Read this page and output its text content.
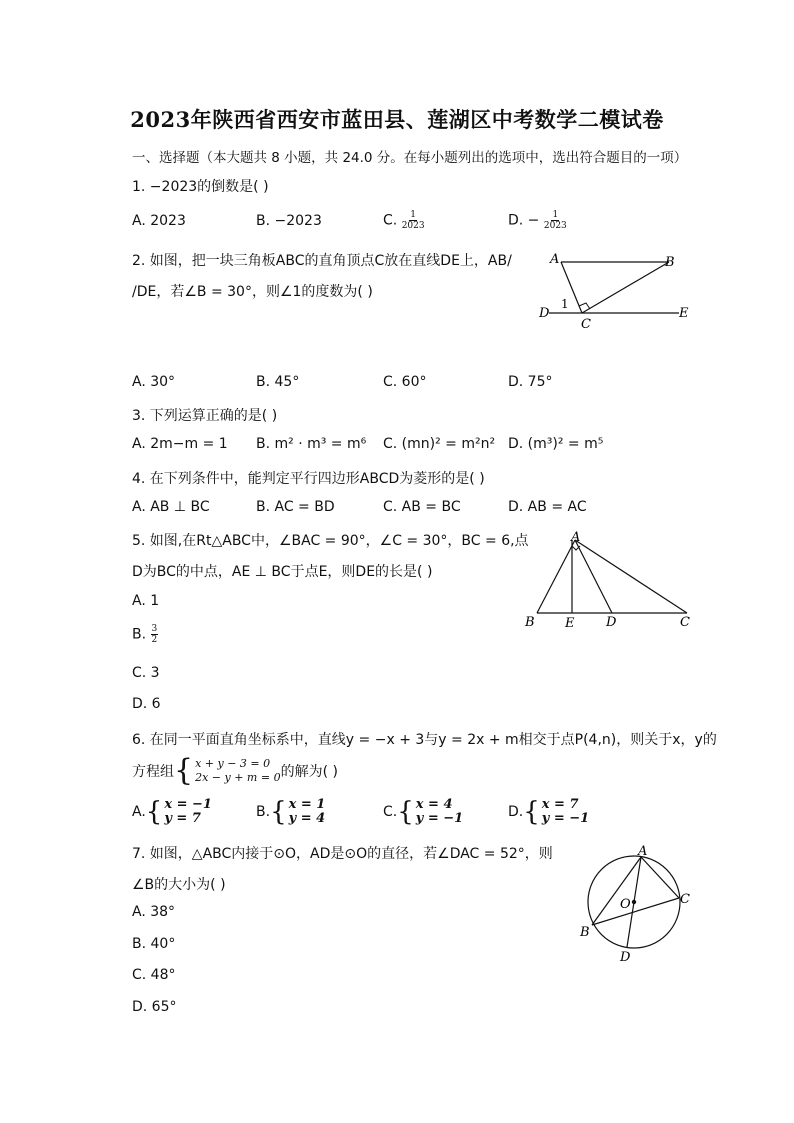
2023年陕西省西安市蓝田县、莲湖区中考数学二模试卷
一、选择题（本大题共 8 小题，共 24.0 分。在每小题列出的选项中，选出符合题目的一项）
1. −2023的倒数是( )
A. 2023	B. −2023	C. $\frac{1}{2023}$	D. − $\frac{1}{2023}$
2. 如图，把一块三角板ABC的直角顶点C放在直线DE上，AB/
/DE，若∠B = 30°，则∠1的度数为( )
A	B
C
D	E
1
A. 30°	B. 45°	C. 60°	D. 75°
3. 下列运算正确的是( )
A. 2m−m = 1 B. m² · m³ = m⁶ C. (mn)² = m²n² D. (m³)² = m⁵
4. 在下列条件中，能判定平行四边形ABCD为菱形的是( )
A. AB ⊥ BC	B. AC = BD	C. AB = BC	D. AB = AC
5. 如图,在Rt△ABC中，∠BAC = 90°，∠C = 30°，BC = 6,点
D为BC的中点，AE ⊥ BC于点E，则DE的长是( )
A
B E D	C
A. 1
B. $\frac{3}{2}$
C. 3
D. 6
6. 在同一平面直角坐标系中，直线y = −x + 3与y = 2x + m相交于点P(4,n)，则关于x，y的
方程组 { x + y − 3 = 0
2x − y + m = 0 的解为( )
A. { x = −1
y = 7	B. { x = 1
y = 4	C. { x = 4
y = −1	D. { x = 7
y = −1
7. 如图，△ABC内接于⊙O，AD是⊙O的直径，若∠DAC = 52°，则
∠B的大小为( )
A
B
C
D
O
A. 38°
B. 40°
C. 48°
D. 65°
